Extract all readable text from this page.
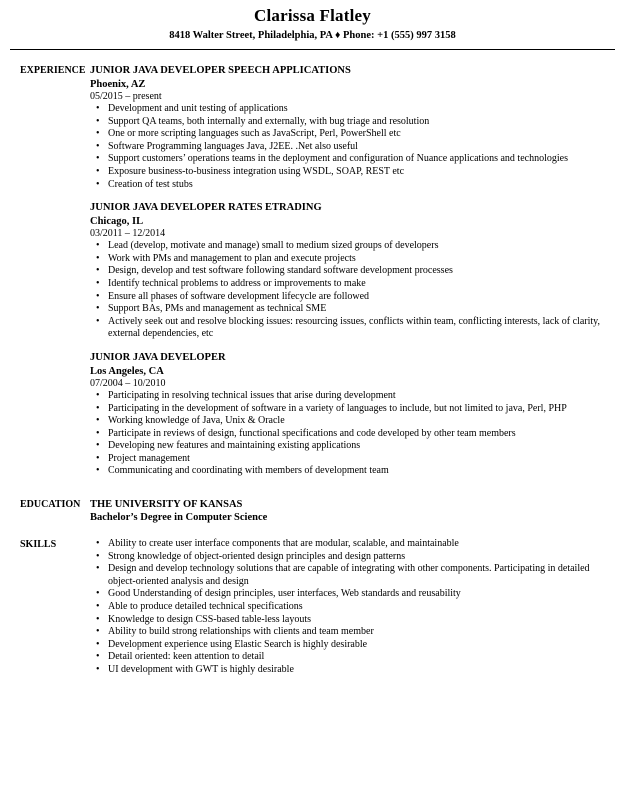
Clarissa Flatley
8418 Walter Street, Philadelphia, PA ♦ Phone: +1 (555) 997 3158
EXPERIENCE JUNIOR JAVA DEVELOPER SPEECH APPLICATIONS
Phoenix, AZ
05/2015 – present
• Development and unit testing of applications
• Support QA teams, both internally and externally, with bug triage and resolution
• One or more scripting languages such as JavaScript, Perl, PowerShell etc
• Software Programming languages Java, J2EE. .Net also useful
• Support customers’ operations teams in the deployment and configuration of Nuance applications and technologies
• Exposure business-to-business integration using WSDL, SOAP, REST etc
• Creation of test stubs
JUNIOR JAVA DEVELOPER RATES ETRADING
Chicago, IL
03/2011 – 12/2014
• Lead (develop, motivate and manage) small to medium sized groups of developers
• Work with PMs and management to plan and execute projects
• Design, develop and test software following standard software development processes
• Identify technical problems to address or improvements to make
• Ensure all phases of software development lifecycle are followed
• Support BAs, PMs and management as technical SME
• Actively seek out and resolve blocking issues: resourcing issues, conflicts within team, conflicting interests, lack of clarity, external dependencies, etc
JUNIOR JAVA DEVELOPER
Los Angeles, CA
07/2004 – 10/2010
• Participating in resolving technical issues that arise during development
• Participating in the development of software in a variety of languages to include, but not limited to java, Perl, PHP
• Working knowledge of Java, Unix & Oracle
• Participate in reviews of design, functional specifications and code developed by other team members
• Developing new features and maintaining existing applications
• Project management
• Communicating and coordinating with members of development team
EDUCATION THE UNIVERSITY OF KANSAS
Bachelor’s Degree in Computer Science
SKILLS
•	Ability to create user interface components that are modular, scalable, and maintainable
• Strong knowledge of object-oriented design principles and design patterns
• Design and develop technology solutions that are capable of integrating with other components. Participating in detailed object-oriented analysis and design
• Good Understanding of design principles, user interfaces, Web standards and reusability
• Able to produce detailed technical specifications
• Knowledge to design CSS-based table-less layouts
• Ability to build strong relationships with clients and team member
• Development experience using Elastic Search is highly desirable
• Detail oriented: keen attention to detail
• UI development with GWT is highly desirable
